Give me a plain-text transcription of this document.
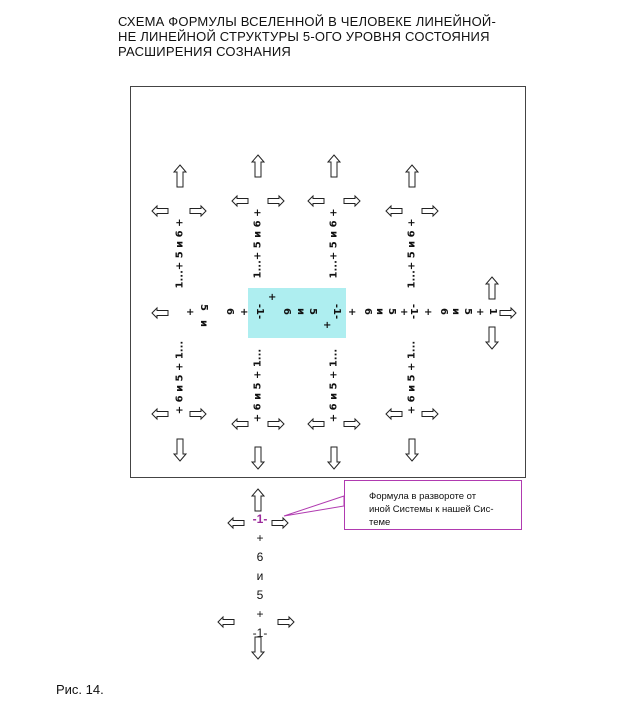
СХЕМА ФОРМУЛЫ ВСЕЛЕННОЙ В ЧЕЛОВЕКЕ ЛИНЕЙНОЙ-
НЕ ЛИНЕЙНОЙ СТРУКТУРЫ 5-ОГО УРОВНЯ СОСТОЯНИЯ
РАСШИРЕНИЯ СОЗНАНИЯ
1...+ 5 и 6 +	1...+ 5 и 6 +	1...+ 5 и 6 +	1...+ 5 и 6 +
+ 6 и 5 + 1...	+ 6 и 5 + 1...	+ 6 и 5 + 1...	+ 6 и 5 + 1...
+ 5
и
6 + -1-
+
6 и 5
+
-1- + 6 и 5 + -1- + 6 и 5 + 1
Формула в развороте от
иной Системы к нашей Сис-
теме
-1-
+
6
и
5
+
-1-
Рис. 14.
